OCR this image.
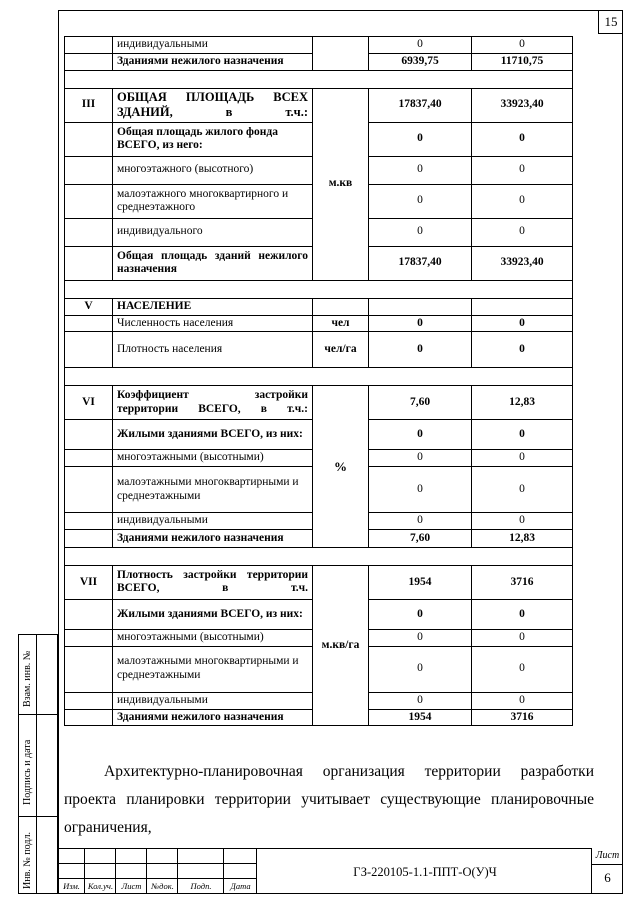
15
	индивидуальными		0	0
	Зданиями нежилого назначения		6939,75	11710,75

III	ОБЩАЯ ПЛОЩАДЬ ВСЕХ ЗДАНИЙ, в т.ч.:	м.кв	17837,40	33923,40
	Общая площадь жилого фонда ВСЕГО, из него:		0	0
	многоэтажного (высотного)		0	0
	малоэтажного многоквартирного и среднеэтажного		0	0
	индивидуального		0	0
	Общая площадь зданий нежилого назначения		17837,40	33923,40

V	НАСЕЛЕНИЕ			
	Численность населения	чел	0	0
	Плотность населения	чел/га	0	0

VI	Коэффициент застройки территории ВСЕГО, в т.ч.:	%	7,60	12,83
	Жилыми зданиями ВСЕГО, из них:		0	0
	многоэтажными (высотными)		0	0
	малоэтажными многоквартирными и среднеэтажными		0	0
	индивидуальными		0	0
	Зданиями нежилого назначения		7,60	12,83

VII	Плотность застройки территории ВСЕГО, в т.ч.	м.кв/га	1954	3716
	Жилыми зданиями ВСЕГО, из них:		0	0
	многоэтажными (высотными)		0	0
	малоэтажными многоквартирными и среднеэтажными		0	0
	индивидуальными		0	0
	Зданиями нежилого назначения		1954	3716
Архитектурно-планировочная организация территории разработки проекта планировки территории учитывает существующие планировочные ограничения,
Взам. инв. №
Подпись и дата
Инв. № подл.	Изм. Кол.уч. Лист	№док.	Подп.	Дата
ГЗ-220105-1.1-ППТ-О(У)Ч
Лист
6
